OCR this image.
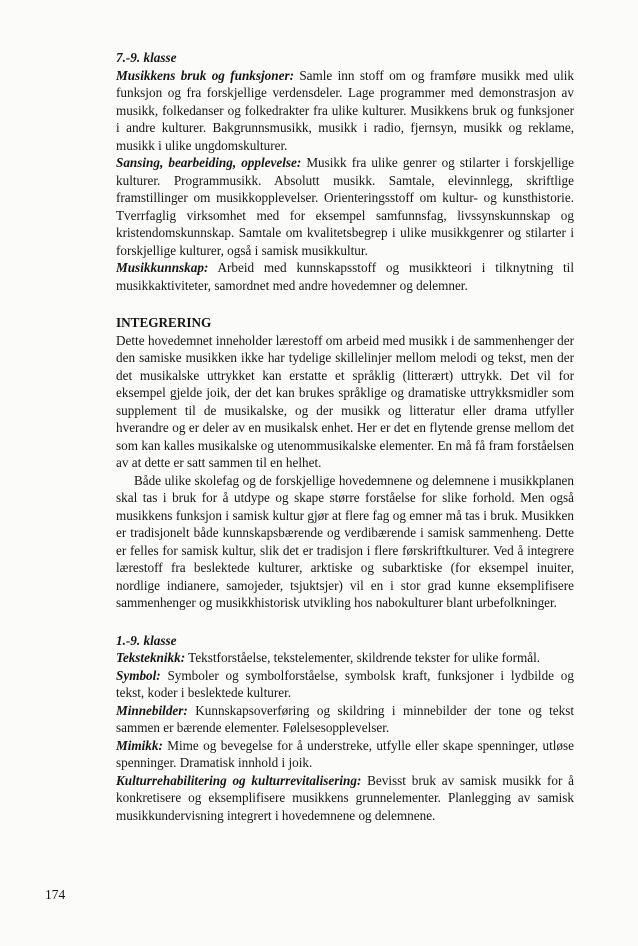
7.-9. klasse

Musikkens bruk og funksjoner: Samle inn stoff om og framføre musikk med ulik funksjon og fra forskjellige verdensdeler. Lage programmer med demonstrasjon av musikk, folkedanser og folkedrakter fra ulike kulturer. Musikkens bruk og funksjoner i andre kulturer. Bakgrunnsmusikk, musikk i radio, fjernsyn, musikk og reklame, musikk i ulike ungdomskulturer.

Sansing, bearbeiding, opplevelse: Musikk fra ulike genrer og stilarter i forskjellige kulturer. Programmusikk. Absolutt musikk. Samtale, elevinnlegg, skriftlige framstillinger om musikkopplevelser. Orienteringsstoff om kultur- og kunsthistorie. Tverrfaglig virksomhet med for eksempel samfunnsfag, livssynskunnskap og kristendomskunnskap. Samtale om kvalitetsbegrep i ulike musikkgenrer og stilarter i forskjellige kulturer, også i samisk musikkultur.

Musikkunnskap: Arbeid med kunnskapsstoff og musikkteori i tilknytning til musikkaktiviteter, samordnet med andre hovedemner og delemner.

INTEGRERING

Dette hovedemnet inneholder lærestoff om arbeid med musikk i de sammenhenger der den samiske musikken ikke har tydelige skillelinjer mellom melodi og tekst, men der det musikalske uttrykket kan erstatte et språklig (litterært) uttrykk. Det vil for eksempel gjelde joik, der det kan brukes språklige og dramatiske uttrykksmidler som supplement til de musikalske, og der musikk og litteratur eller drama utfyller hverandre og er deler av en musikalsk enhet. Her er det en flytende grense mellom det som kan kalles musikalske og utenommusikalske elementer. En må få fram forståelsen av at dette er satt sammen til en helhet.

Både ulike skolefag og de forskjellige hovedemnene og delemnene i musikkplanen skal tas i bruk for å utdype og skape større forståelse for slike forhold. Men også musikkens funksjon i samisk kultur gjør at flere fag og emner må tas i bruk. Musikken er tradisjonelt både kunnskapsbærende og verdibærende i samisk sammenheng. Dette er felles for samisk kultur, slik det er tradisjon i flere førskriftkulturer. Ved å integrere lærestoff fra beslektede kulturer, arktiske og subarktiske (for eksempel inuiter, nordlige indianere, samojeder, tsjuktsjer) vil en i stor grad kunne eksemplifisere sammenhenger og musikkhistorisk utvikling hos nabokulturer blant urbefolkninger.

1.-9. klasse

Teksteknikk: Tekstforståelse, tekstelementer, skildrende tekster for ulike formål.

Symbol: Symboler og symbolforståelse, symbolsk kraft, funksjoner i lydbilde og tekst, koder i beslektede kulturer.

Minnebilder: Kunnskapsoverføring og skildring i minnebilder der tone og tekst sammen er bærende elementer. Følelsesopplevelser.

Mimikk: Mime og bevegelse for å understreke, utfylle eller skape spenninger, utløse spenninger. Dramatisk innhold i joik.

Kulturrehabilitering og kulturrevitalisering: Bevisst bruk av samisk musikk for å konkretisere og eksemplifisere musikkens grunnelementer. Planlegging av samisk musikkundervisning integrert i hovedemnene og delemnene.

174
